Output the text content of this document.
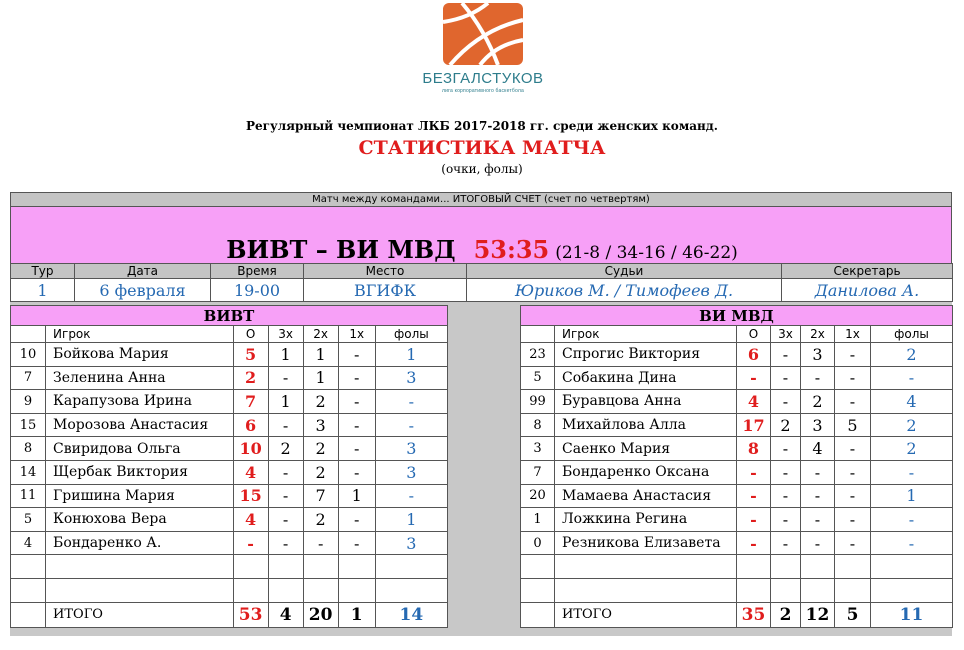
БЕЗГАЛСТУКОВ
лига корпоративного баскетбола
Регулярный чемпионат ЛКБ 2017-2018 гг. среди женских команд.
СТАТИСТИКА МАТЧА
(очки, фолы)
Матч между командами... ИТОГОВЫЙ СЧЕТ (счет по четвертям)
ВИВТ – ВИ МВД 53:35 (21-8 / 34-16 / 46-22)
Тур	Дата	Время	Место	Судьи	Секретарь
1	6 февраля	19-00	ВГИФК	Юриков М. / Тимофеев Д.	Данилова А.
ВИВТ						
	Игрок	О	3х	2х	1х	фолы
10	Бойкова Мария	5	1	1	-	1
7	Зеленина Анна	2	-	1	-	3
9	Карапузова Ирина	7	1	2	-	-
15	Морозова Анастасия	6	-	3	-	-
8	Свиридова Ольга	10	2	2	-	3
14	Щербак Виктория	4	-	2	-	3
11	Гришина Мария	15	-	7	1	-
5	Конюхова Вера	4	-	2	-	1
4	Бондаренко А.	-	-	-	-	3

	ИТОГО	53	4	20	1	14
ВИ МВД						
	Игрок	О	3х	2х	1х	фолы
23	Спрогис Виктория	6	-	3	-	2
5	Собакина Дина	-	-	-	-	-
99	Буравцова Анна	4	-	2	-	4
8	Михайлова Алла	17	2	3	5	2
3	Саенко Мария	8	-	4	-	2
7	Бондаренко Оксана	-	-	-	-	-
20	Мамаева Анастасия	-	-	-	-	1
1	Ложкина Регина	-	-	-	-	-
0	Резникова Елизавета	-	-	-	-	-

	ИТОГО	35	2	12	5	11
